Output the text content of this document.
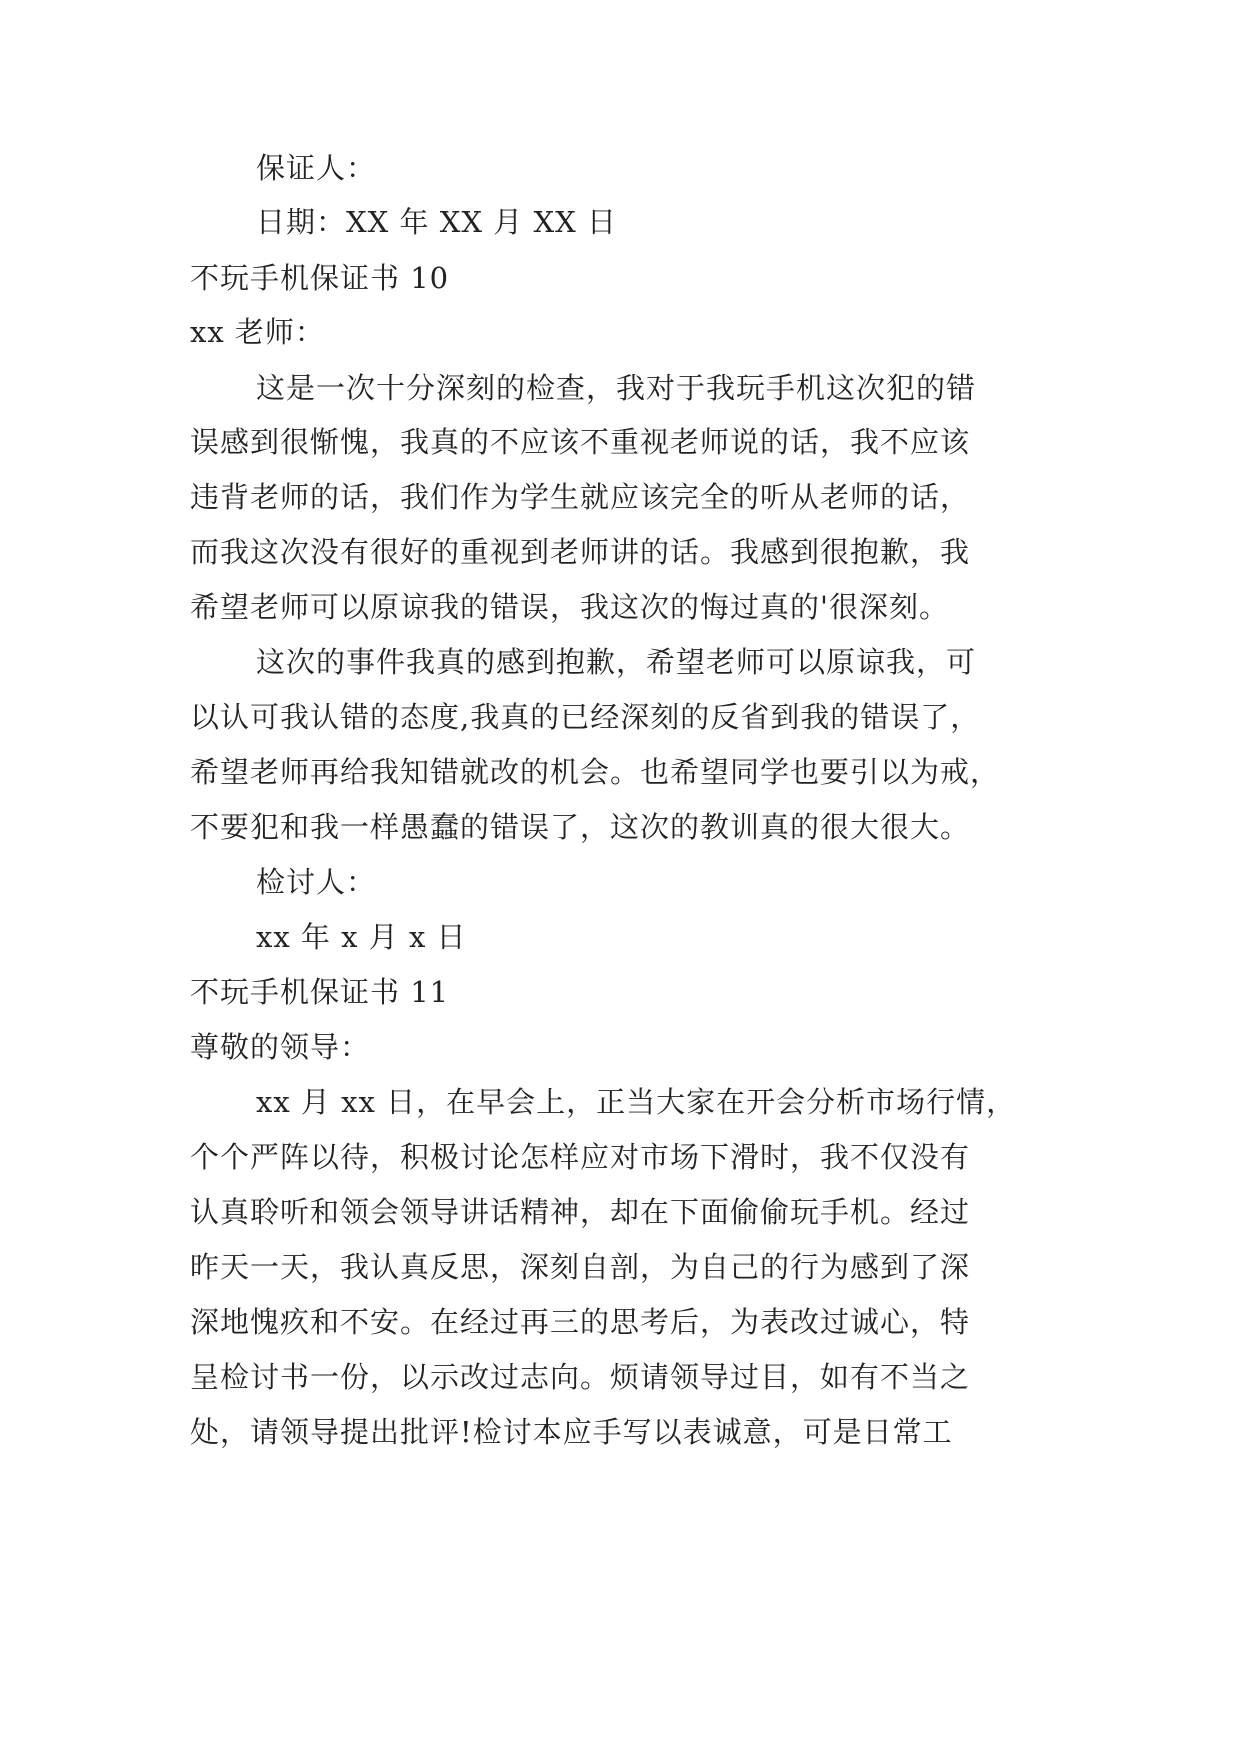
保证人：
日期：XX 年 XX 月 XX 日
不玩手机保证书 10
xx 老师：
这是一次十分深刻的检查，我对于我玩手机这次犯的错
误感到很惭愧，我真的不应该不重视老师说的话，我不应该
违背老师的话，我们作为学生就应该完全的听从老师的话，
而我这次没有很好的重视到老师讲的话。我感到很抱歉，我
希望老师可以原谅我的错误，我这次的悔过真的'很深刻。
这次的事件我真的感到抱歉，希望老师可以原谅我，可
以认可我认错的态度,我真的已经深刻的反省到我的错误了，
希望老师再给我知错就改的机会。也希望同学也要引以为戒，
不要犯和我一样愚蠢的错误了，这次的教训真的很大很大。
检讨人：
xx 年 x 月 x 日
不玩手机保证书 11
尊敬的领导：
xx 月 xx 日，在早会上，正当大家在开会分析市场行情，
个个严阵以待，积极讨论怎样应对市场下滑时，我不仅没有
认真聆听和领会领导讲话精神，却在下面偷偷玩手机。经过
昨天一天，我认真反思，深刻自剖，为自己的行为感到了深
深地愧疚和不安。在经过再三的思考后，为表改过诚心，特
呈检讨书一份，以示改过志向。烦请领导过目，如有不当之
处，请领导提出批评!检讨本应手写以表诚意，可是日常工
